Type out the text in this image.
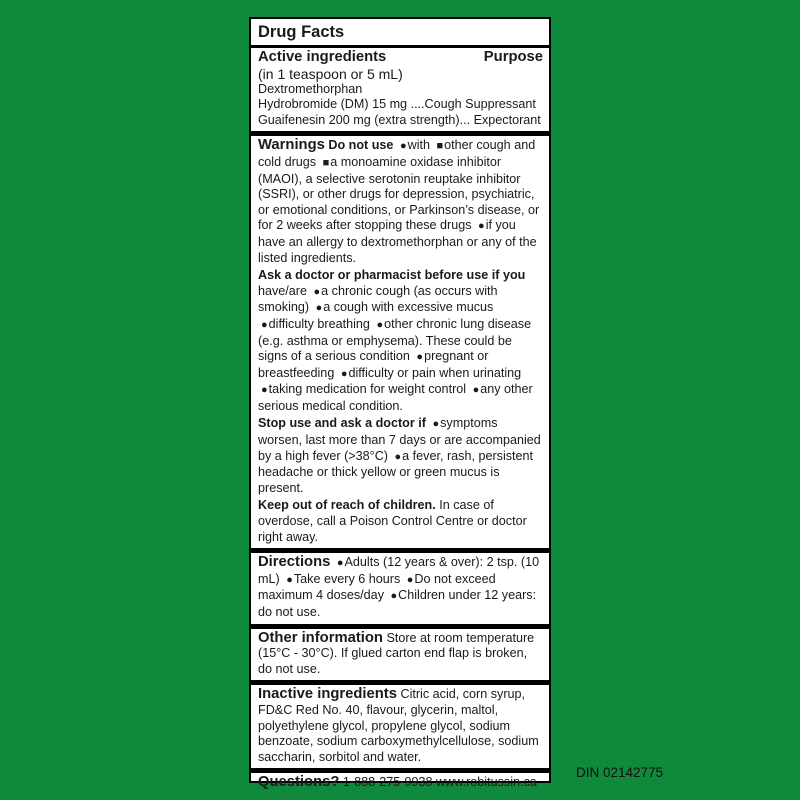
Drug Facts
Active ingredients	Purpose
(in 1 teaspoon or 5 mL)
Dextromethorphan
Hydrobromide (DM) 15 mg ....Cough Suppressant
Guaifenesin 200 mg (extra strength)... Expectorant

Warnings Do not use ●with ■other cough and cold drugs ■a monoamine oxidase inhibitor (MAOI), a selective serotonin reuptake inhibitor (SSRI), or other drugs for depression, psychiatric, or emotional conditions, or Parkinson’s disease, or for 2 weeks after stopping these drugs ●if you have an allergy to dextromethorphan or any of the listed ingredients.

Ask a doctor or pharmacist before use if you have/are ●a chronic cough (as occurs with smoking) ●a cough with excessive mucus ●difficulty breathing ●other chronic lung disease (e.g. asthma or emphysema). These could be signs of a serious condition ●pregnant or breastfeeding ●difficulty or pain when urinating ●taking medication for weight control ●any other serious medical condition.

Stop use and ask a doctor if ●symptoms worsen, last more than 7 days or are accompanied by a high fever (>38°C) ●a fever, rash, persistent headache or thick yellow or green mucus is present.

Keep out of reach of children. In case of overdose, call a Poison Control Centre or doctor right away.

Directions ●Adults (12 years & over): 2 tsp. (10 mL) ●Take every 6 hours ●Do not exceed maximum 4 doses/day ●Children under 12 years: do not use.
Other information Store at room temperature (15°C - 30°C). If glued carton end flap is broken, do not use.
Inactive ingredients Citric acid, corn syrup, FD&C Red No. 40, flavour, glycerin, maltol, polyethylene glycol, propylene glycol, sodium benzoate, sodium carboxymethylcellulose, sodium saccharin, sorbitol and water.
Questions? 1-888-275-9938 www.robitussin.ca
DIN 02142775
